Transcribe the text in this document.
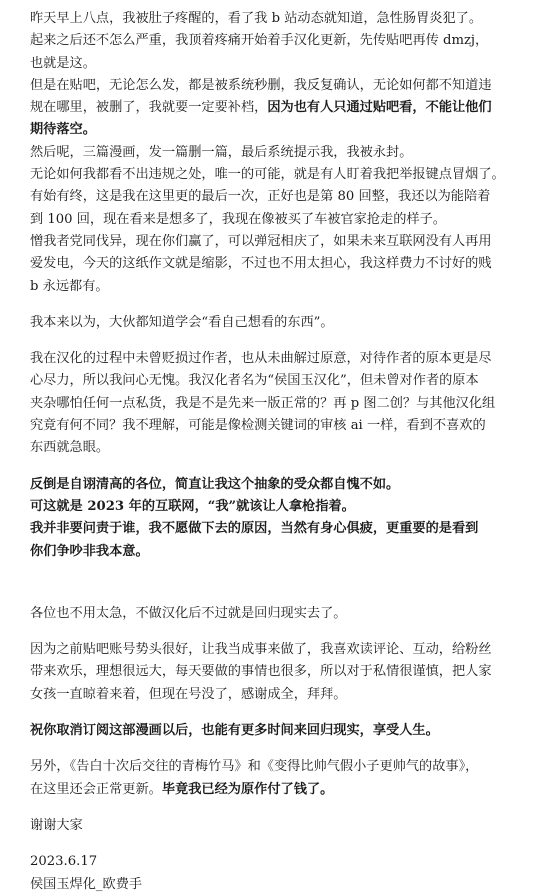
昨天早上八点，我被肚子疼醒的，看了我 b 站动态就知道，急性肠胃炎犯了。
起来之后还不怎么严重，我顶着疼痛开始着手汉化更新，先传贴吧再传 dmzj，
也就是这。
但是在贴吧，无论怎么发，都是被系统秒删，我反复确认，无论如何都不知道违
规在哪里，被删了，我就要一定要补档，因为也有人只通过贴吧看，不能让他们
期待落空。
然后呢，三篇漫画，发一篇删一篇，最后系统提示我，我被永封。
无论如何我都看不出违规之处，唯一的可能，就是有人盯着我把举报键点冒烟了。
有始有终，这是我在这里更的最后一次，正好也是第 80 回整，我还以为能陪着
到 100 回，现在看来是想多了，我现在像被买了车被官家抢走的样子。
憎我者党同伐异，现在你们赢了，可以弹冠相庆了，如果未来互联网没有人再用
爱发电，今天的这纸作文就是缩影，不过也不用太担心，我这样费力不讨好的贱
b 永远都有。

我本来以为，大伙都知道学会“看自己想看的东西”。

我在汉化的过程中未曾贬损过作者，也从未曲解过原意，对待作者的原本更是尽
心尽力，所以我问心无愧。我汉化者名为“侯国玉汉化”，但未曾对作者的原本
夹杂哪怕任何一点私货，我是不是先来一版正常的？再 p 图二创？与其他汉化组
究竟有何不同？我不理解，可能是像检测关键词的审核 ai 一样，看到不喜欢的
东西就急眼。

反倒是自诩清高的各位，简直让我这个抽象的受众都自愧不如。
可这就是 2023 年的互联网，“我”就该让人拿枪指着。
我并非要问责于谁，我不愿做下去的原因，当然有身心俱疲，更重要的是看到
你们争吵非我本意。

各位也不用太急，不做汉化后不过就是回归现实去了。

因为之前贴吧账号势头很好，让我当成事来做了，我喜欢读评论、互动，给粉丝
带来欢乐，理想很远大，每天要做的事情也很多，所以对于私情很谨慎，把人家
女孩一直晾着来着，但现在号没了，感谢成全，拜拜。

祝你取消订阅这部漫画以后，也能有更多时间来回归现实，享受人生。

另外，《告白十次后交往的青梅竹马》和《变得比帅气假小子更帅气的故事》，
在这里还会正常更新。毕竟我已经为原作付了钱了。

谢谢大家

2023.6.17
侯国玉焊化_欧费手
